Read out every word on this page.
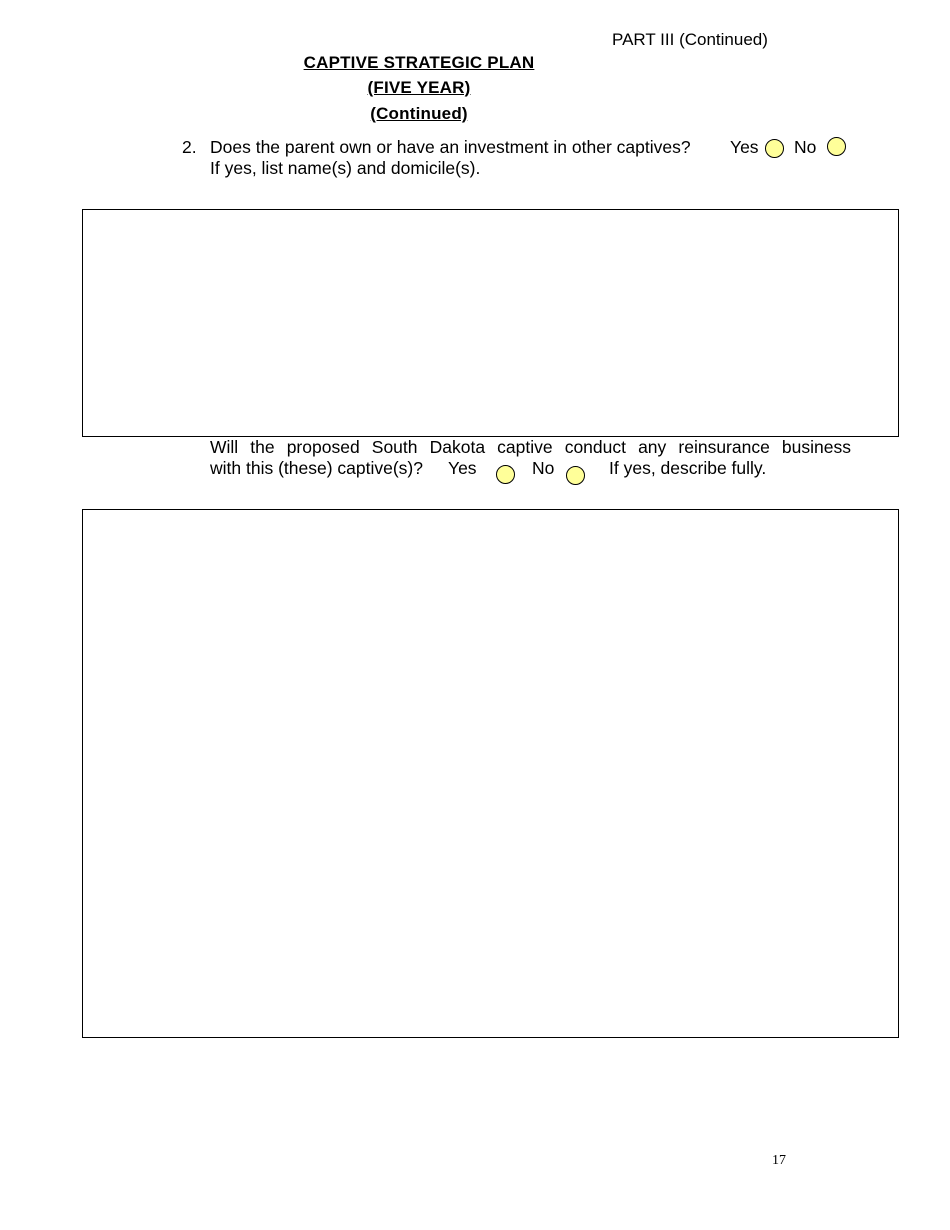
PART III (Continued)
CAPTIVE STRATEGIC PLAN
(FIVE YEAR)
(Continued)
2. Does the parent own or have an investment in other captives? Yes No
If yes, list name(s) and domicile(s).
Will the proposed South Dakota captive conduct any reinsurance business
with this (these) captive(s)? Yes	No	If yes, describe fully.
17
